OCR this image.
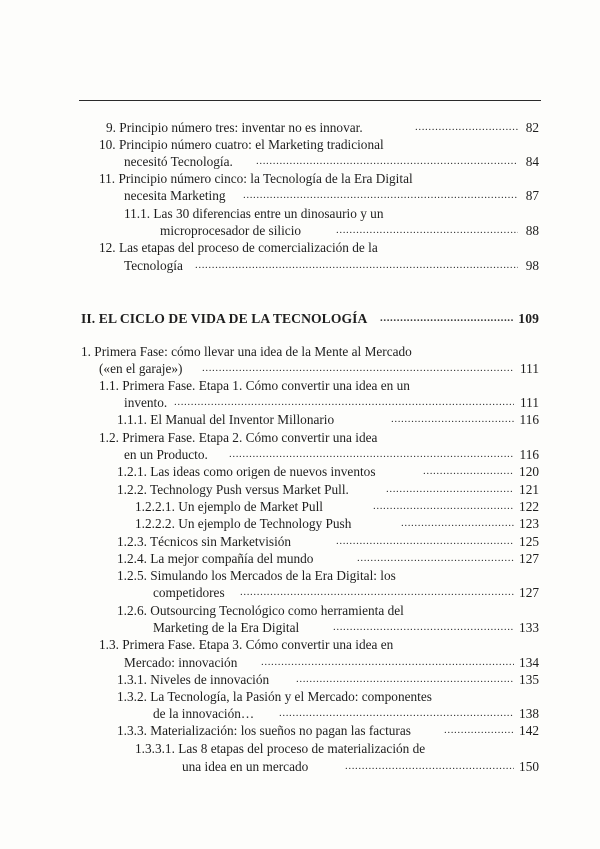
9. Principio número tres: inventar no es innovar. .....	82
10. Principio número cuatro: el Marketing tradicional
necesitó Tecnología. .....	84
11. Principio número cinco: la Tecnología de la Era Digital
necesita Marketing .....	87
11.1. Las 30 diferencias entre un dinosaurio y un
microprocesador de silicio .....	88
12. Las etapas del proceso de comercialización de la
Tecnología .....	98
II. EL CICLO DE VIDA DE LA TECNOLOGÍA .....	109
1. Primera Fase: cómo llevar una idea de la Mente al Mercado
(«en el garaje») .....	111
1.1. Primera Fase. Etapa 1. Cómo convertir una idea en un
invento. .....	111
1.1.1. El Manual del Inventor Millonario .....	116
1.2. Primera Fase. Etapa 2. Cómo convertir una idea
en un Producto. .....	116
1.2.1. Las ideas como origen de nuevos inventos .....	120
1.2.2. Technology Push versus Market Pull. .....	121
1.2.2.1. Un ejemplo de Market Pull .....	122
1.2.2.2. Un ejemplo de Technology Push .....	123
1.2.3. Técnicos sin Marketvisión .....	125
1.2.4. La mejor compañía del mundo .....	127
1.2.5. Simulando los Mercados de la Era Digital: los
competidores .....	127
1.2.6. Outsourcing Tecnológico como herramienta del
Marketing de la Era Digital .....	133
1.3. Primera Fase. Etapa 3. Cómo convertir una idea en
Mercado: innovación .....	134
1.3.1. Niveles de innovación .....	135
1.3.2. La Tecnología, la Pasión y el Mercado: componentes
de la innovación… .....	138
1.3.3. Materialización: los sueños no pagan las facturas .....	142
1.3.3.1. Las 8 etapas del proceso de materialización de
una idea en un mercado .....	150
